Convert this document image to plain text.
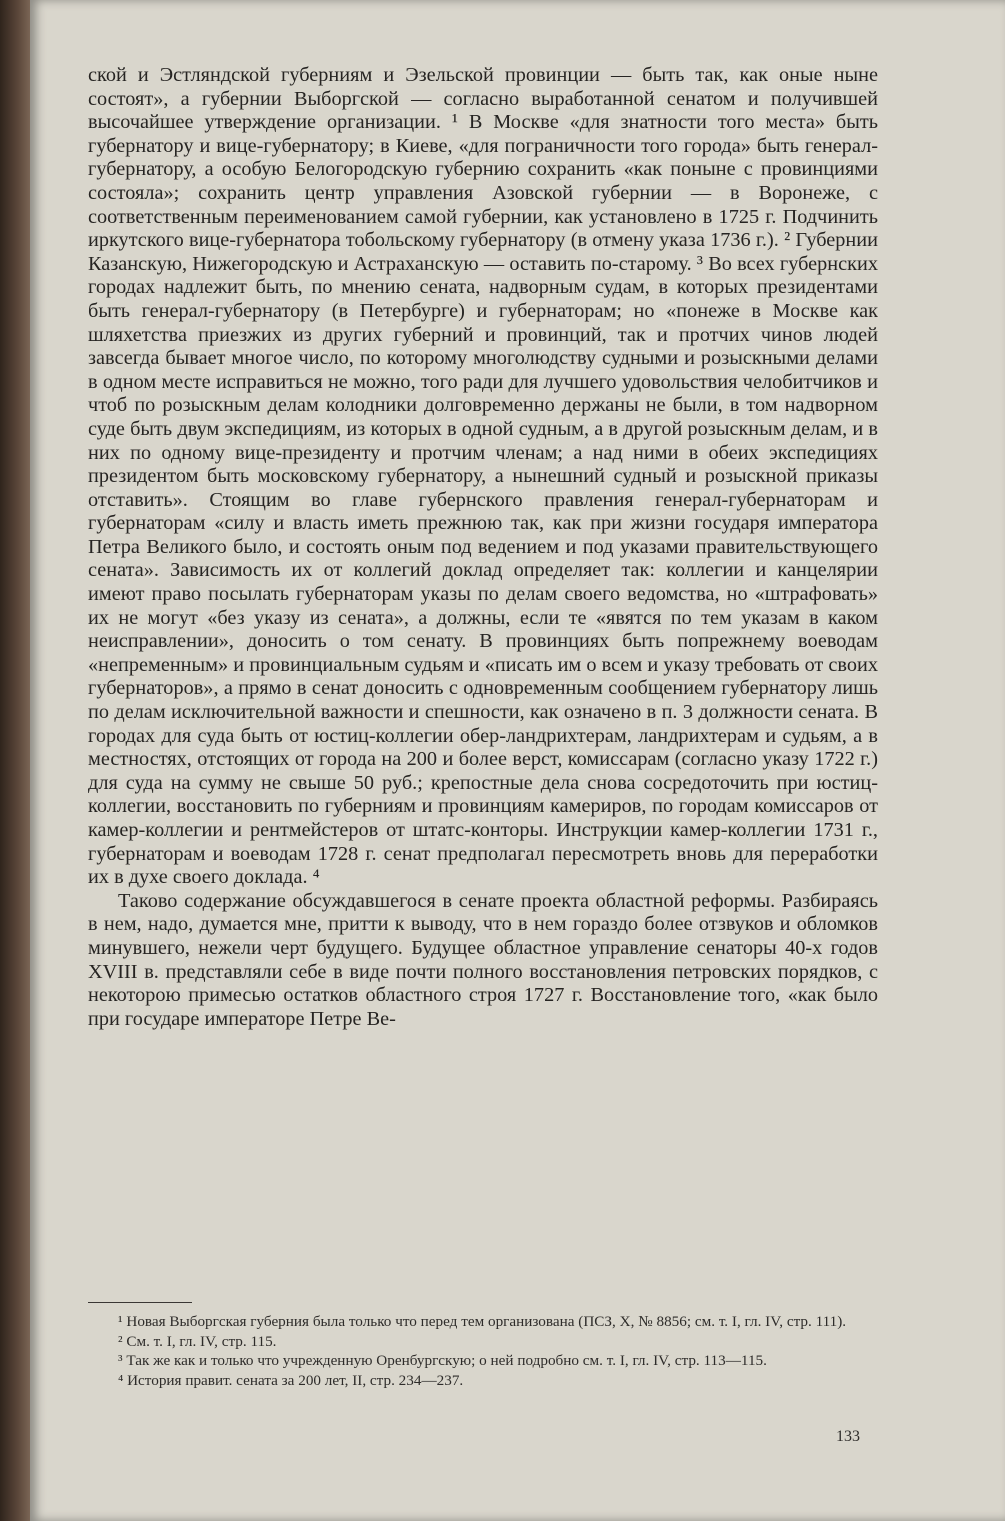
ской и Эстляндской губерниям и Эзельской провинции — быть так, как оные ныне состоят», а губернии Выборгской — согласно выработанной сенатом и получившей высочайшее утверждение организации. ¹ В Москве «для знатности того места» быть губернатору и вице-губернатору; в Киеве, «для пограничности того города» быть генерал-губернатору, а особую Белогородскую губернию сохранить «как поныне с провинциями состояла»; сохранить центр управления Азовской губернии — в Воронеже, с соответственным переименованием самой губернии, как установлено в 1725 г. Подчинить иркутского вице-губернатора тобольскому губернатору (в отмену указа 1736 г.). ² Губернии Казанскую, Нижегородскую и Астраханскую — оставить по-старому. ³ Во всех губернских городах надлежит быть, по мнению сената, надворным судам, в которых президентами быть генерал-губернатору (в Петербурге) и губернаторам; но «понеже в Москве как шляхетства приезжих из других губерний и провинций, так и протчих чинов людей завсегда бывает многое число, по которому многолюдству судными и розыскными делами в одном месте исправиться не можно, того ради для лучшего удовольствия челобитчиков и чтоб по розыскным делам колодники долговременно держаны не были, в том надворном суде быть двум экспедициям, из которых в одной судным, а в другой розыскным делам, и в них по одному вице-президенту и протчим членам; а над ними в обеих экспедициях президентом быть московскому губернатору, а нынешний судный и розыскной приказы отставить». Стоящим во главе губернского правления генерал-губернаторам и губернаторам «силу и власть иметь прежнюю так, как при жизни государя императора Петра Великого было, и состоять оным под ведением и под указами правительствующего сената». Зависимость их от коллегий доклад определяет так: коллегии и канцелярии имеют право посылать губернаторам указы по делам своего ведомства, но «штрафовать» их не могут «без указу из сената», а должны, если те «явятся по тем указам в каком неисправлении», доносить о том сенату. В провинциях быть попрежнему воеводам «непременным» и провинциальным судьям и «писать им о всем и указу требовать от своих губернаторов», а прямо в сенат доносить с одновременным сообщением губернатору лишь по делам исключительной важности и спешности, как означено в п. 3 должности сената. В городах для суда быть от юстиц-коллегии обер-ландрихтерам, ландрихтерам и судьям, а в местностях, отстоящих от города на 200 и более верст, комиссарам (согласно указу 1722 г.) для суда на сумму не свыше 50 руб.; крепостные дела снова сосредоточить при юстиц-коллегии, восстановить по губерниям и провинциям камериров, по городам комиссаров от камер-коллегии и рентмейстеров от штатс-конторы. Инструкции камер-коллегии 1731 г., губернаторам и воеводам 1728 г. сенат предполагал пересмотреть вновь для переработки их в духе своего доклада. ⁴

Таково содержание обсуждавшегося в сенате проекта областной реформы. Разбираясь в нем, надо, думается мне, притти к выводу, что в нем гораздо более отзвуков и обломков минувшего, нежели черт будущего. Будущее областное управление сенаторы 40-х годов XVIII в. представляли себе в виде почти полного восстановления петровских порядков, с некоторою примесью остатков областного строя 1727 г. Восстановление того, «как было при государе императоре Петре Ве-

¹ Новая Выборгская губерния была только что перед тем организована (ПСЗ, X, № 8856; см. т. I, гл. IV, стр. 111).

² См. т. I, гл. IV, стр. 115.

³ Так же как и только что учрежденную Оренбургскую; о ней подробно см. т. I, гл. IV, стр. 113—115.

⁴ История правит. сената за 200 лет, II, стр. 234—237.

133
